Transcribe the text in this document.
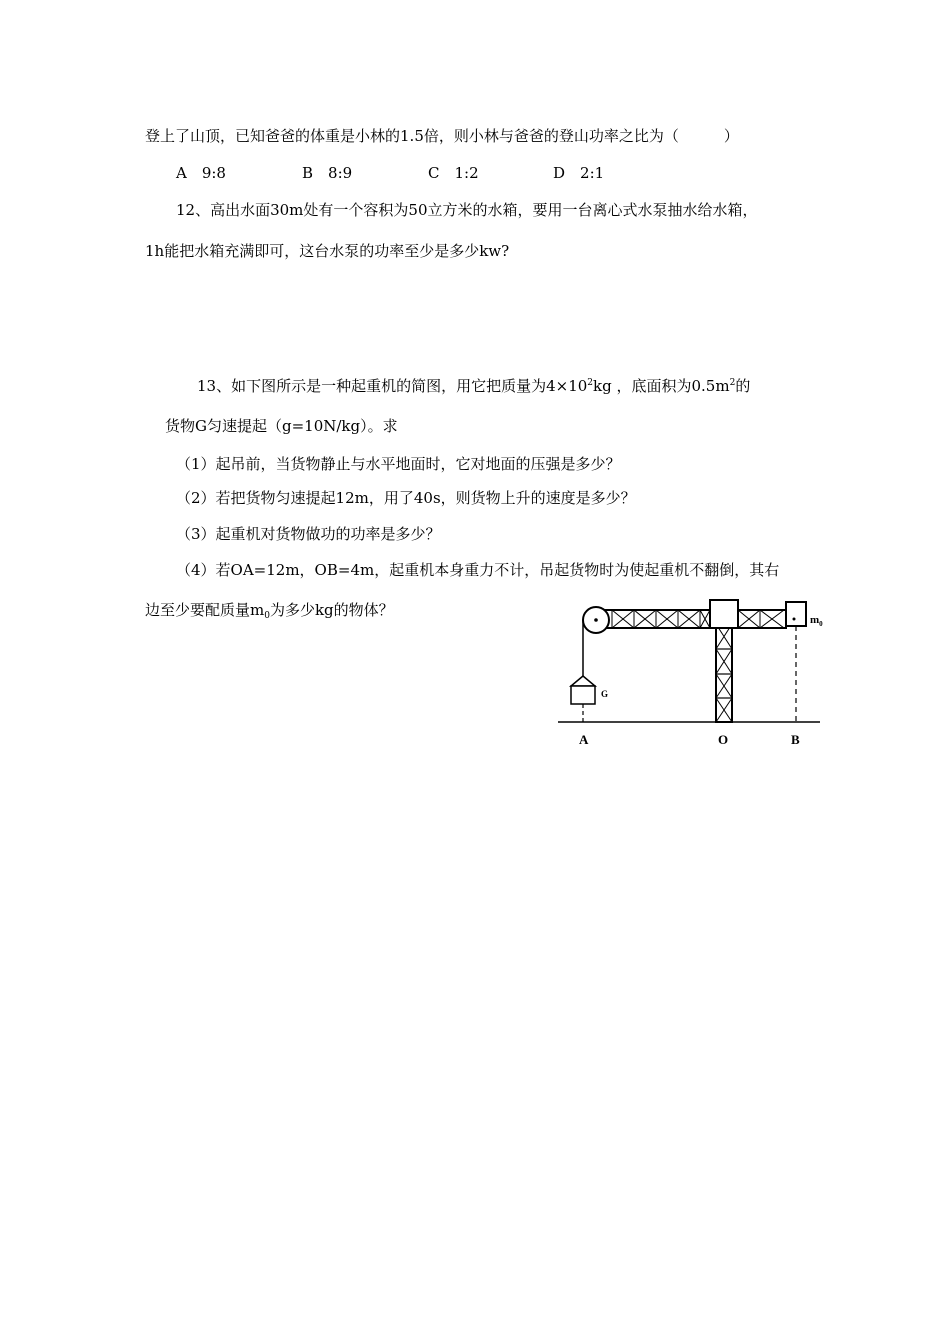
登上了山顶，已知爸爸的体重是小林的1.5倍，则小林与爸爸的登山功率之比为（　　　）
A　9:8	B　8:9	C　1:2	D　2:1
12、高出水面30m处有一个容积为50立方米的水箱，要用一台离心式水泵抽水给水箱，
1h能把水箱充满即可，这台水泵的功率至少是多少kw?
13、如下图所示是一种起重机的简图，用它把质量为$4\times 10^2kg$ ，底面积为$0.5m^2$的
货物G匀速提起（g=10N/kg）。求
（1）起吊前，当货物静止与水平地面时，它对地面的压强是多少？
（2）若把货物匀速提起12m，用了40s，则货物上升的速度是多少？
（3）起重机对货物做功的功率是多少？
（4）若OA=12m，OB=4m，起重机本身重力不计，吊起货物时为使起重机不翻倒，其右
边至少要配质量$m_0$为多少kg的物体？
G
$m_0$
A	O	B
